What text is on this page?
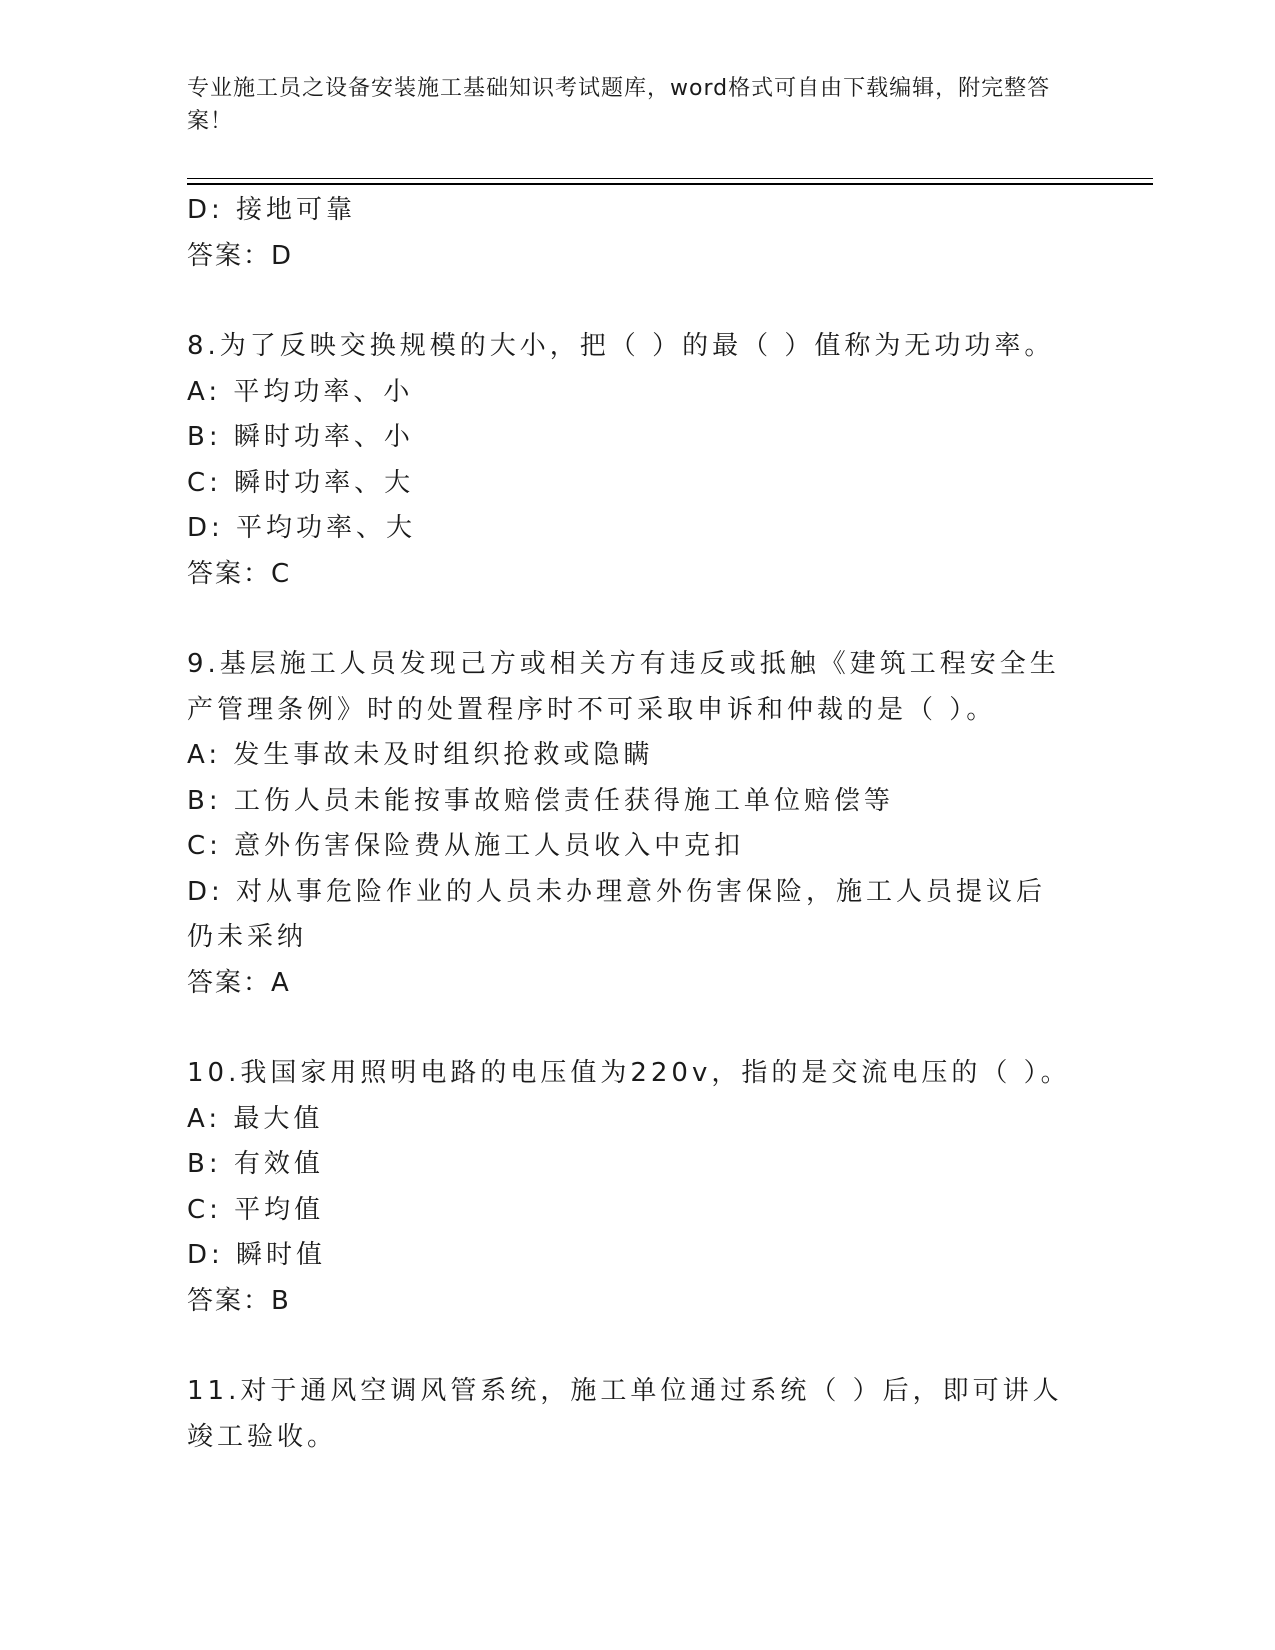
专业施工员之设备安装施工基础知识考试题库，word格式可自由下载编辑，附完整答案！
D: 接地可靠
答案：D
8.为了反映交换规模的大小，把（ ）的最（ ）值称为无功功率。
A: 平均功率、小
B: 瞬时功率、小
C: 瞬时功率、大
D: 平均功率、大
答案：C
9.基层施工人员发现己方或相关方有违反或抵触《建筑工程安全生产管理条例》时的处置程序时不可采取申诉和仲裁的是（ ）。
A: 发生事故未及时组织抢救或隐瞒
B: 工伤人员未能按事故赔偿责任获得施工单位赔偿等
C: 意外伤害保险费从施工人员收入中克扣
D: 对从事危险作业的人员未办理意外伤害保险，施工人员提议后仍未采纳
答案：A
10.我国家用照明电路的电压值为220v，指的是交流电压的（ ）。
A: 最大值
B: 有效值
C: 平均值
D: 瞬时值
答案：B
11.对于通风空调风管系统，施工单位通过系统（ ）后，即可讲人竣工验收。
